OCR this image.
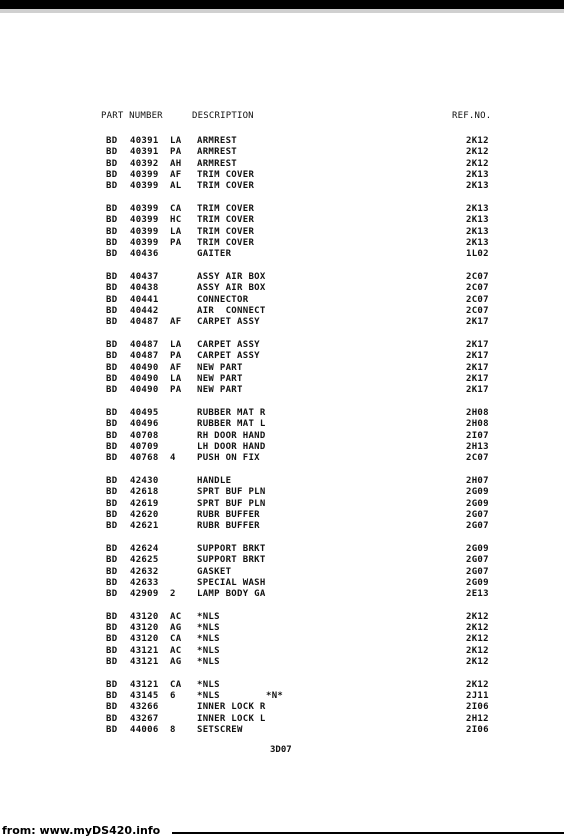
PART NUMBER	DESCRIPTION	REF.NO.
BD 40391 LA ARMREST	2K12
BD 40391 PA ARMREST	2K12
BD 40392 AH ARMREST	2K12
BD 40399 AF TRIM COVER	2K13
BD 40399 AL TRIM COVER	2K13
BD 40399 CA TRIM COVER	2K13
BD 40399 HC TRIM COVER	2K13
BD 40399 LA TRIM COVER	2K13
BD 40399 PA TRIM COVER	2K13
BD 40436	GAITER	1L02
BD 40437	ASSY AIR BOX	2C07
BD 40438	ASSY AIR BOX	2C07
BD 40441	CONNECTOR	2C07
BD 40442	AIR  CONNECT	2C07
BD 40487 AF CARPET ASSY	2K17
BD 40487 LA CARPET ASSY	2K17
BD 40487 PA CARPET ASSY	2K17
BD 40490 AF NEW PART	2K17
BD 40490 LA NEW PART	2K17
BD 40490 PA NEW PART	2K17
BD 40495	RUBBER MAT R	2H08
BD 40496	RUBBER MAT L	2H08
BD 40708	RH DOOR HAND	2I07
BD 40709	LH DOOR HAND	2H13
BD 40768 4 PUSH ON FIX	2C07
BD 42430	HANDLE	2H07
BD 42618	SPRT BUF PLN	2G09
BD 42619	SPRT BUF PLN	2G09
BD 42620	RUBR BUFFER	2G07
BD 42621	RUBR BUFFER	2G07
BD 42624	SUPPORT BRKT	2G09
BD 42625	SUPPORT BRKT	2G07
BD 42632	GASKET	2G07
BD 42633	SPECIAL WASH	2G09
BD 42909 2 LAMP BODY GA	2E13
BD 43120 AC *NLS	2K12
BD 43120 AG *NLS	2K12
BD 43120 CA *NLS	2K12
BD 43121 AC *NLS	2K12
BD 43121 AG *NLS	2K12
BD 43121 CA *NLS	2K12
BD 43145 6 *NLS	*N*	2J11
BD 43266	INNER LOCK R	2I06
BD 43267	INNER LOCK L	2H12
BD 44006 8 SETSCREW	2I06
3D07
from: www.myDS420.info
